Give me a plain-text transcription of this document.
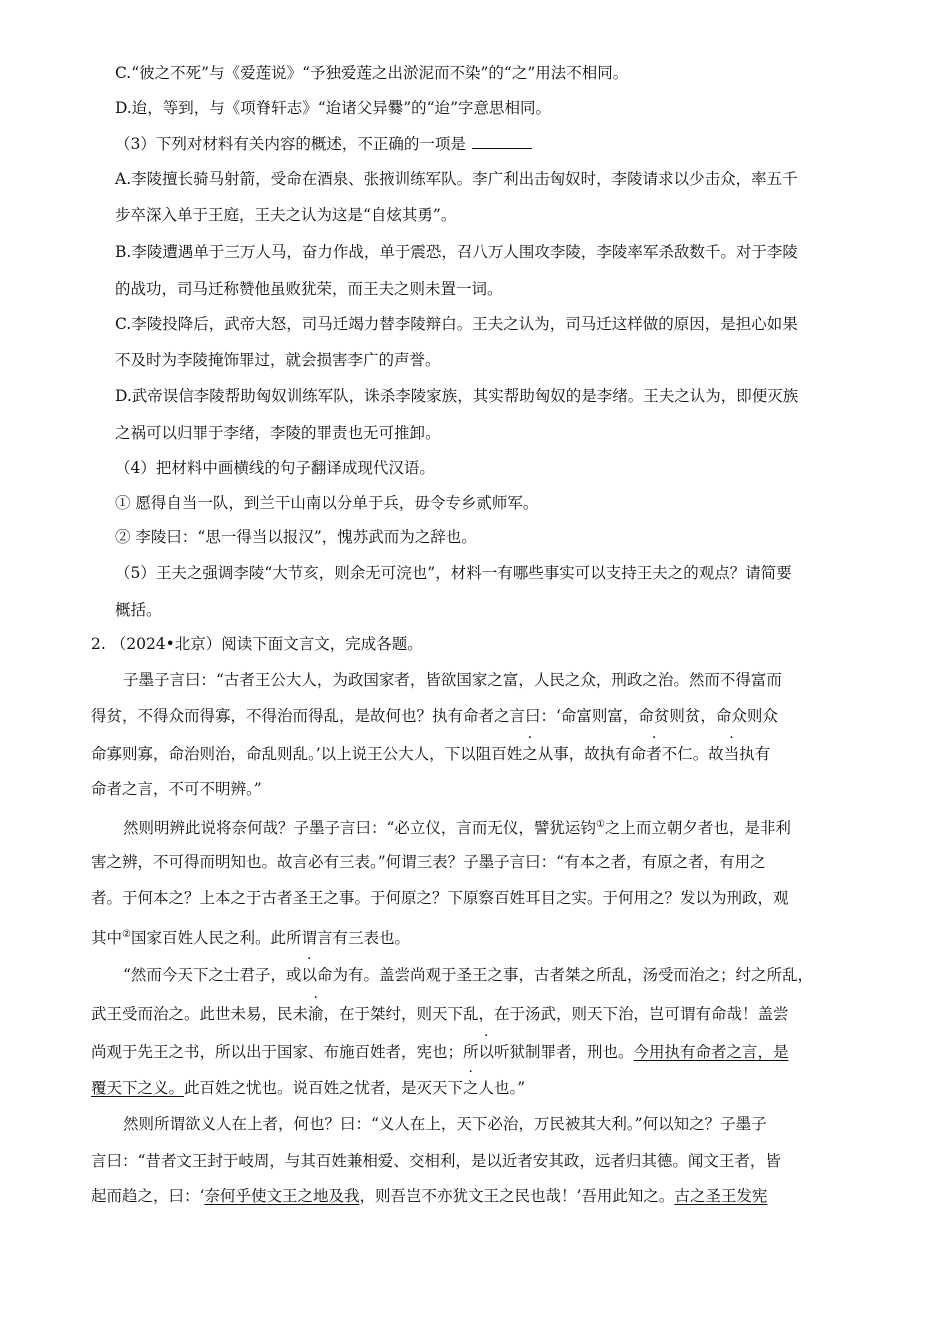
C.“彼之不死”与《爱莲说》“予独爱莲之出淤泥而不染”的“之”用法不相同。
D.迨，等到，与《项脊轩志》“迨诸父异爨”的“迨”字意思相同。
（3）下列对材料有关内容的概述，不正确的一项是
A.李陵擅长骑马射箭，受命在酒泉、张掖训练军队。李广利出击匈奴时，李陵请求以少击众，率五千
步卒深入单于王庭，王夫之认为这是“自炫其勇”。
B.李陵遭遇单于三万人马，奋力作战，单于震恐，召八万人围攻李陵，李陵率军杀敌数千。对于李陵
的战功，司马迁称赞他虽败犹荣，而王夫之则未置一词。
C.李陵投降后，武帝大怒，司马迁竭力替李陵辩白。王夫之认为，司马迁这样做的原因，是担心如果
不及时为李陵掩饰罪过，就会损害李广的声誉。
D.武帝误信李陵帮助匈奴训练军队，诛杀李陵家族，其实帮助匈奴的是李绪。王夫之认为，即便灭族
之祸可以归罪于李绪，李陵的罪责也无可推卸。
（4）把材料中画横线的句子翻译成现代汉语。
① 愿得自当一队，到兰干山南以分单于兵，毋令专乡贰师军。
② 李陵曰：“思一得当以报汉”，愧苏武而为之辞也。
（5）王夫之强调李陵“大节亥，则余无可浣也”，材料一有哪些事实可以支持王夫之的观点？请简要
概括。
2. （2024•北京）阅读下面文言文，完成各题。
子墨子言曰：“古者王公大人，为政国家者，皆欲国家之富，人民之众，刑政之治。然而不得富而
得贫，不得众而得寡，不得治而得乱，是故何也？执有命者之言曰：‘命富则富，命贫则贫，命众则众
命寡则寡，命治则治，命乱则乱。’以上说王公大人，下以阻百姓之从事，故执有命者不仁。故当执有
命者之言，不可不明辨。”
然则明辨此说将奈何哉？子墨子言曰：“必立仪，言而无仪，譬犹运钧①之上而立朝夕者也，是非利
害之辨，不可得而明知也。故言必有三表。”何谓三表？子墨子言曰：“有本之者，有原之者，有用之
者。于何本之？上本之于古者圣王之事。于何原之？下原察百姓耳目之实。于何用之？发以为刑政，观
其中②国家百姓人民之利。此所谓言有三表也。
“然而今天下之士君子，或以命为有。盖尝尚观于圣王之事，古者桀之所乱，汤受而治之；纣之所乱，
武王受而治之。此世未易，民未渝，在于桀纣，则天下乱，在于汤武，则天下治，岂可谓有命哉！盖尝
尚观于先王之书，所以出于国家、布施百姓者，宪也；所以听狱制罪者，刑也。今用执有命者之言，是
覆天下之义。此百姓之忧也。说百姓之忧者，是灭天下之人也。”
然则所谓欲义人在上者，何也？曰：“义人在上，天下必治，万民被其大利。”何以知之？子墨子
言曰：“昔者文王封于岐周，与其百姓兼相爱、交相利，是以近者安其政，远者归其德。闻文王者，皆
起而趋之，曰：‘奈何乎使文王之地及我，则吾岂不亦犹文王之民也哉！’吾用此知之。古之圣王发宪
